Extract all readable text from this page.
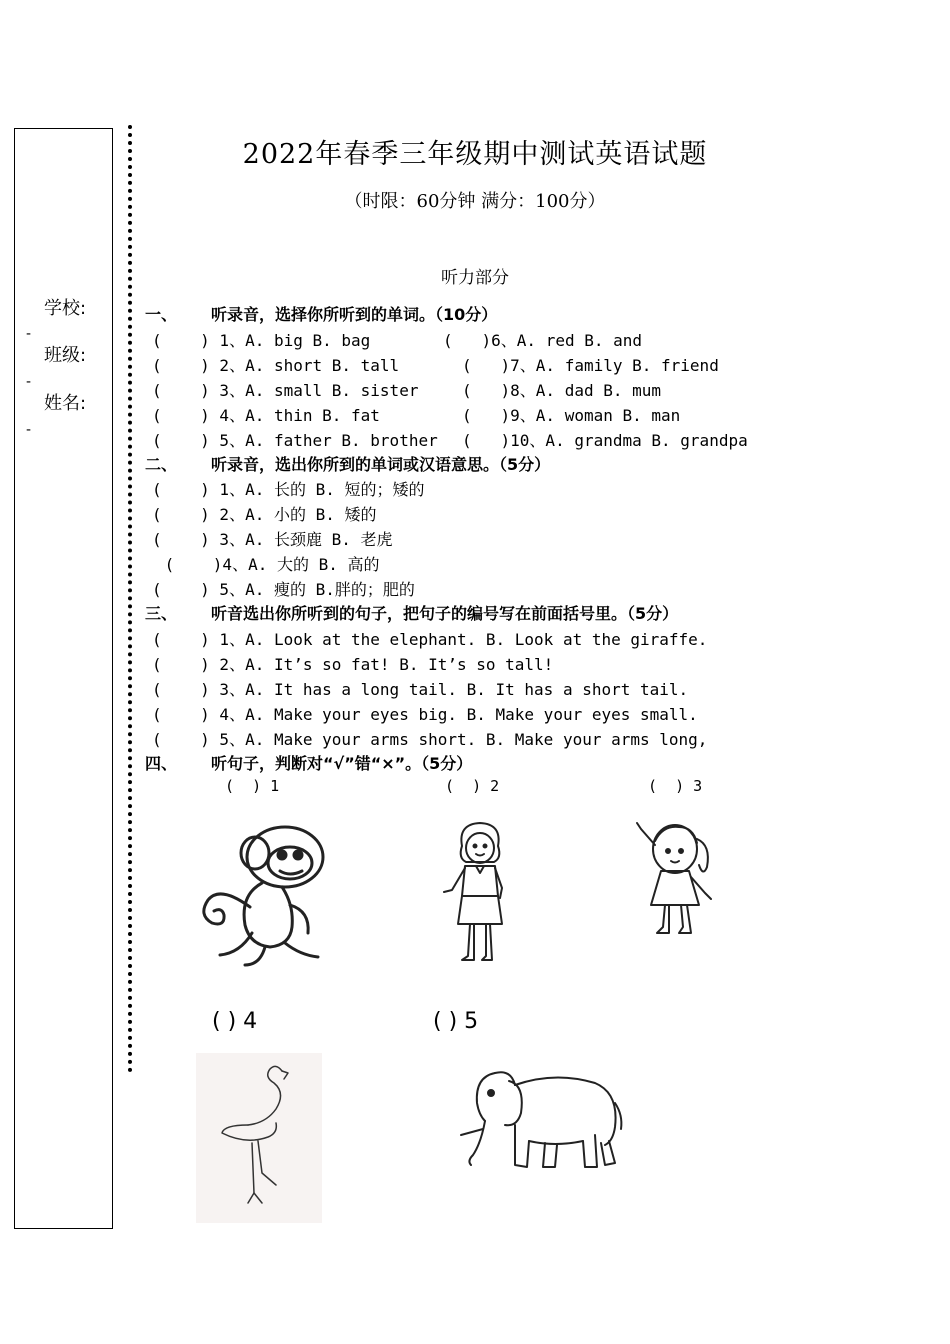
学校:
-
班级:
-
姓名:
-
2022年春季三年级期中测试英语试题
（时限：60分钟 满分：100分）
听力部分
一、 听录音，选择你所听到的单词。（10分）
(    ) 1、A. big B. bag	(   )6、A. red B. and
(    ) 2、A. short B. tall	(   )7、A. family B. friend
(    ) 3、A. small B. sister	(   )8、A. dad B. mum
(    ) 4、A. thin B. fat	(   )9、A. woman B. man
(    ) 5、A. father B. brother (   )10、A. grandma B. grandpa
二、 听录音，选出你所到的单词或汉语意思。（5分）
(    ) 1、A. 长的 B. 短的；矮的
(    ) 2、A. 小的 B. 矮的
(    ) 3、A. 长颈鹿 B. 老虎
(    )4、A. 大的 B. 高的
(    ) 5、A. 瘦的 B.胖的；肥的
三、 听音选出你所听到的句子，把句子的编号写在前面括号里。（5分）
(    ) 1、A. Look at the elephant. B. Look at the giraffe.
(    ) 2、A. It’s so fat! B. It’s so tall!
(    ) 3、A. It has a long tail. B. It has a short tail.
(    ) 4、A. Make your eyes big. B. Make your eyes small.
(    ) 5、A. Make your arms short. B. Make your arms long,
四、 听句子，判断对“√”错“×”。（5分）
(  ) 1	(  ) 2	(  ) 3
( ) 4	( ) 5
